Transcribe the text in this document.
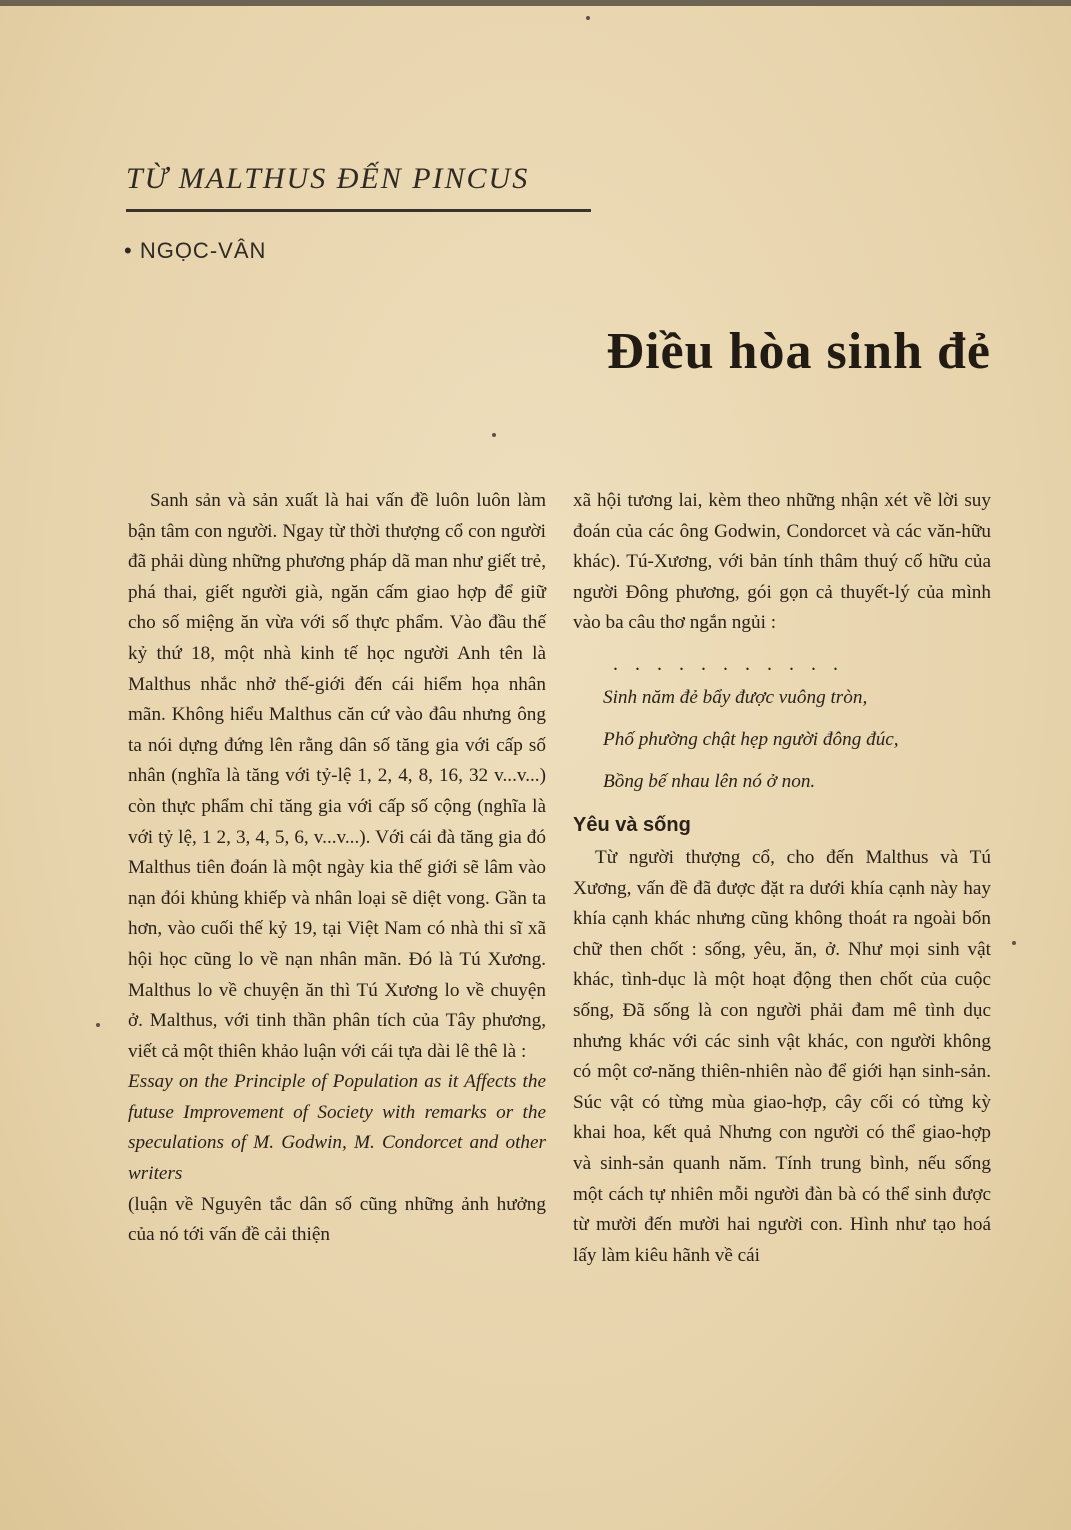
TỪ MALTHUS ĐẾN PINCUS
• NGỌC-VÂN
Điều hòa sinh đẻ

Sanh sản và sản xuất là hai vấn đề luôn luôn làm bận tâm con người. Ngay từ thời thượng cổ con người đã phải dùng những phương pháp dã man như giết trẻ, phá thai, giết người già, ngăn cấm giao hợp để giữ cho số miệng ăn vừa với số thực phẩm. Vào đầu thế kỷ thứ 18, một nhà kinh tế học người Anh tên là Malthus nhắc nhở thế-giới đến cái hiểm họa nhân mãn. Không hiểu Malthus căn cứ vào đâu nhưng ông ta nói dựng đứng lên rằng dân số tăng gia với cấp số nhân (nghĩa là tăng với tỷ-lệ 1, 2, 4, 8, 16, 32 v...v...) còn thực phẩm chỉ tăng gia với cấp số cộng (nghĩa là với tỷ lệ, 1 2, 3, 4, 5, 6, v...v...). Với cái đà tăng gia đó Malthus tiên đoán là một ngày kia thế giới sẽ lâm vào nạn đói khủng khiếp và nhân loại sẽ diệt vong. Gần ta hơn, vào cuối thế kỷ 19, tại Việt Nam có nhà thi sĩ xã hội học cũng lo về nạn nhân mãn. Đó là Tú Xương. Malthus lo về chuyện ăn thì Tú Xương lo về chuyện ở. Malthus, với tinh thần phân tích của Tây phương, viết cả một thiên khảo luận với cái tựa dài lê thê là :

Essay on the Principle of Population as it Affects the futuse Improvement of Society with remarks or the speculations of M. Godwin, M. Condorcet and other writers

(luận về Nguyên tắc dân số cũng những ảnh hưởng của nó tới vấn đề cải thiện

xã hội tương lai, kèm theo những nhận xét về lời suy đoán của các ông Godwin, Condorcet và các văn-hữu khác). Tú-Xương, với bản tính thâm thuý cố hữu của người Đông phương, gói gọn cả thuyết-lý của mình vào ba câu thơ ngắn ngủi :

...........

Sinh năm đẻ bẩy được vuông tròn,

Phố phường chật hẹp người đông đúc,

Bồng bế nhau lên nó ở non.

Yêu và sống

Từ người thượng cổ, cho đến Malthus và Tú Xương, vấn đề đã được đặt ra dưới khía cạnh này hay khía cạnh khác nhưng cũng không thoát ra ngoài bốn chữ then chốt : sống, yêu, ăn, ở. Như mọi sinh vật khác, tình-dục là một hoạt động then chốt của cuộc sống, Đã sống là con người phải đam mê tình dục nhưng khác với các sinh vật khác, con người không có một cơ-năng thiên-nhiên nào để giới hạn sinh-sản. Súc vật có từng mùa giao-hợp, cây cối có từng kỳ khai hoa, kết quả Nhưng con người có thể giao-hợp và sinh-sản quanh năm. Tính trung bình, nếu sống một cách tự nhiên mỗi người đàn bà có thể sinh được từ mười đến mười hai người con. Hình như tạo hoá lấy làm kiêu hãnh về cái
